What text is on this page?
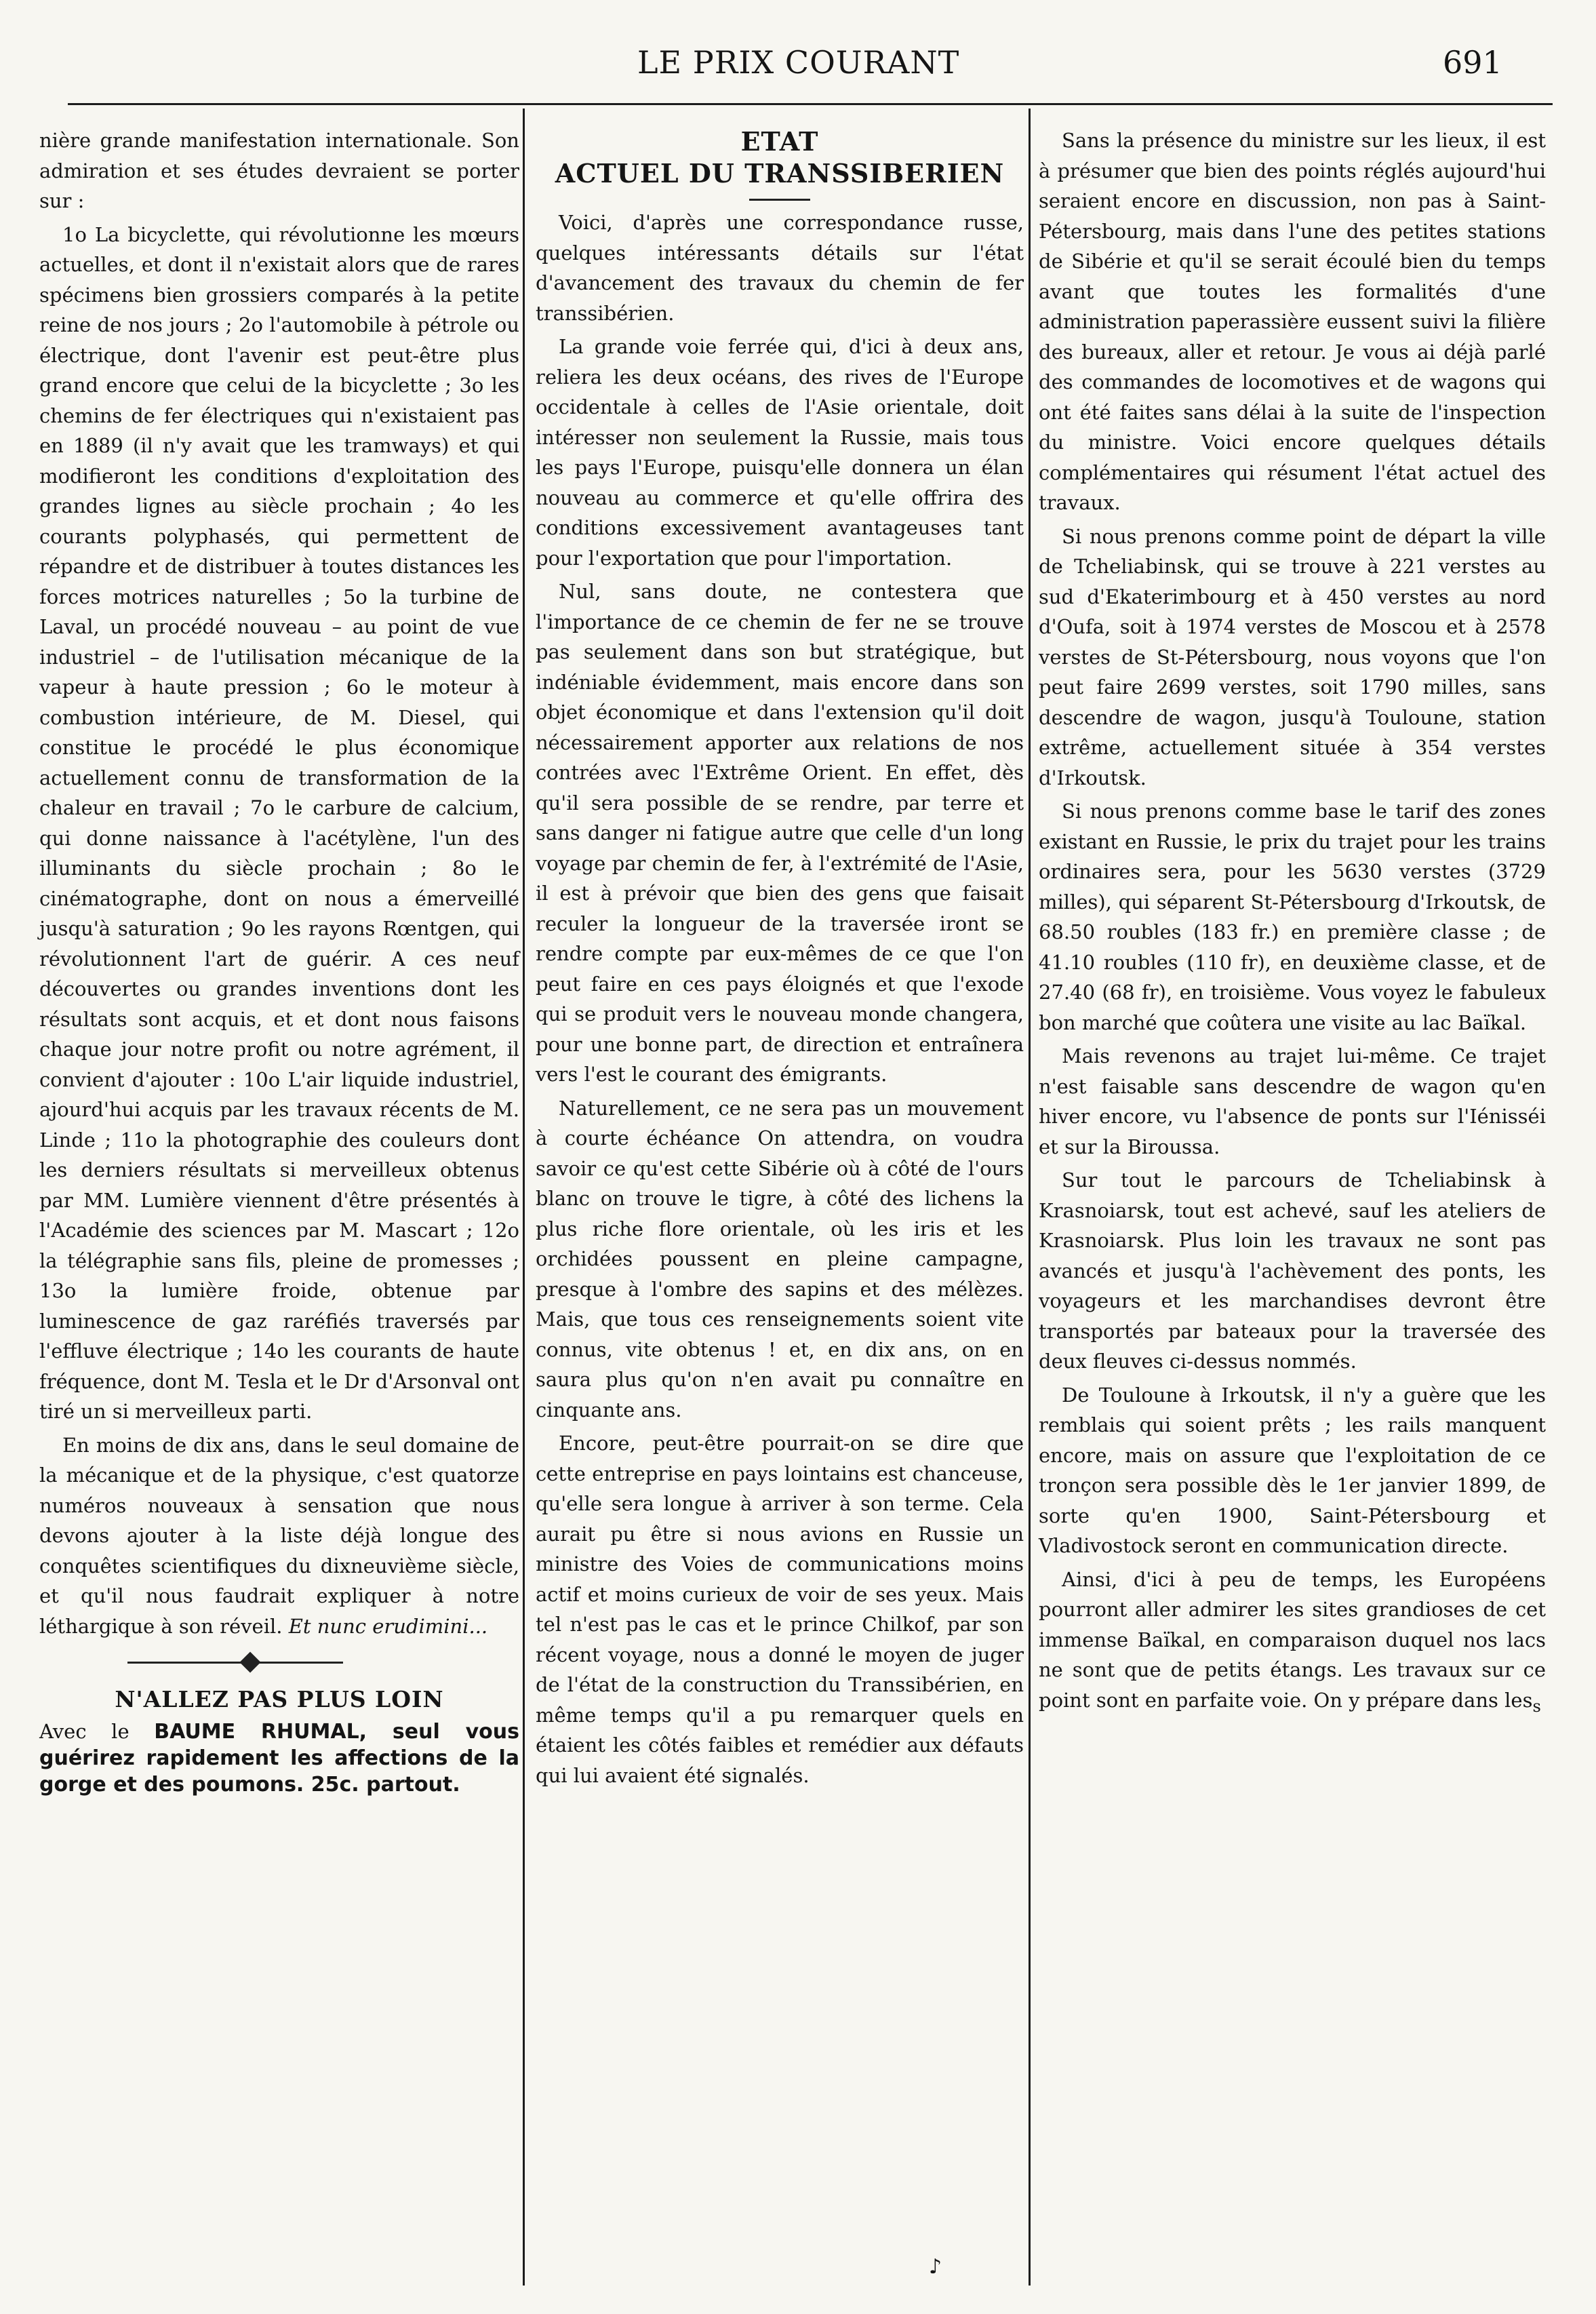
LE PRIX COURANT	691

nière grande manifestation internationale. Son admiration et ses études devraient se porter sur :

1o La bicyclette, qui révolutionne les mœurs actuelles, et dont il n'existait alors que de rares spécimens bien grossiers comparés à la petite reine de nos jours ; 2o l'automobile à pétrole ou électrique, dont l'avenir est peut-être plus grand encore que celui de la bicyclette ; 3o les chemins de fer électriques qui n'existaient pas en 1889 (il n'y avait que les tramways) et qui modifieront les conditions d'exploitation des grandes lignes au siècle prochain ; 4o les courants polyphasés, qui permettent de répandre et de distribuer à toutes distances les forces motrices naturelles ; 5o la turbine de Laval, un procédé nouveau – au point de vue industriel – de l'utilisation mécanique de la vapeur à haute pression ; 6o le moteur à combustion intérieure, de M. Diesel, qui constitue le procédé le plus économique actuellement connu de transformation de la chaleur en travail ; 7o le carbure de calcium, qui donne naissance à l'acétylène, l'un des illuminants du siècle prochain ; 8o le cinématographe, dont on nous a émerveillé jusqu'à saturation ; 9o les rayons Rœntgen, qui révolutionnent l'art de guérir. A ces neuf découvertes ou grandes inventions dont les résultats sont acquis, et et dont nous faisons chaque jour notre profit ou notre agrément, il convient d'ajouter : 10o L'air liquide industriel, ajourd'hui acquis par les travaux récents de M. Linde ; 11o la photographie des couleurs dont les derniers résultats si merveilleux obtenus par MM. Lumière viennent d'être présentés à l'Académie des sciences par M. Mascart ; 12o la télégraphie sans fils, pleine de promesses ; 13o la lumière froide, obtenue par luminescence de gaz raréfiés traversés par l'effluve électrique ; 14o les courants de haute fréquence, dont M. Tesla et le Dr d'Arsonval ont tiré un si merveilleux parti.

En moins de dix ans, dans le seul domaine de la mécanique et de la physique, c'est quatorze numéros nouveaux à sensation que nous devons ajouter à la liste déjà longue des conquêtes scientifiques du dixneuvième siècle, et qu'il nous faudrait expliquer à notre léthargique à son réveil. Et nunc erudimini...

N'ALLEZ PAS PLUS LOIN
Avec le BAUME RHUMAL, seul vous guérirez rapidement les affections de la gorge et des poumons. 25c. partout.
ETAT
ACTUEL DU TRANSSIBERIEN

Voici, d'après une correspondance russe, quelques intéressants détails sur l'état d'avancement des travaux du chemin de fer transsibérien.

La grande voie ferrée qui, d'ici à deux ans, reliera les deux océans, des rives de l'Europe occidentale à celles de l'Asie orientale, doit intéresser non seulement la Russie, mais tous les pays l'Europe, puisqu'elle donnera un élan nouveau au commerce et qu'elle offrira des conditions excessivement avantageuses tant pour l'exportation que pour l'importation.

Nul, sans doute, ne contestera que l'importance de ce chemin de fer ne se trouve pas seulement dans son but stratégique, but indéniable évidemment, mais encore dans son objet économique et dans l'extension qu'il doit nécessairement apporter aux relations de nos contrées avec l'Extrême Orient. En effet, dès qu'il sera possible de se rendre, par terre et sans danger ni fatigue autre que celle d'un long voyage par chemin de fer, à l'extrémité de l'Asie, il est à prévoir que bien des gens que faisait reculer la longueur de la traversée iront se rendre compte par eux-mêmes de ce que l'on peut faire en ces pays éloignés et que l'exode qui se produit vers le nouveau monde changera, pour une bonne part, de direction et entraînera vers l'est le courant des émigrants.

Naturellement, ce ne sera pas un mouvement à courte échéance On attendra, on voudra savoir ce qu'est cette Sibérie où à côté de l'ours blanc on trouve le tigre, à côté des lichens la plus riche flore orientale, où les iris et les orchidées poussent en pleine campagne, presque à l'ombre des sapins et des mélèzes. Mais, que tous ces renseignements soient vite connus, vite obtenus ! et, en dix ans, on en saura plus qu'on n'en avait pu connaître en cinquante ans.

Encore, peut-être pourrait-on se dire que cette entreprise en pays lointains est chanceuse, qu'elle sera longue à arriver à son terme. Cela aurait pu être si nous avions en Russie un ministre des Voies de communications moins actif et moins curieux de voir de ses yeux. Mais tel n'est pas le cas et le prince Chilkof, par son récent voyage, nous a donné le moyen de juger de l'état de la construction du Transsibérien, en même temps qu'il a pu remarquer quels en étaient les côtés faibles et remédier aux défauts qui lui avaient été signalés.

Sans la présence du ministre sur les lieux, il est à présumer que bien des points réglés aujourd'hui seraient encore en discussion, non pas à Saint-Pétersbourg, mais dans l'une des petites stations de Sibérie et qu'il se serait écoulé bien du temps avant que toutes les formalités d'une administration paperassière eussent suivi la filière des bureaux, aller et retour. Je vous ai déjà parlé des commandes de locomotives et de wagons qui ont été faites sans délai à la suite de l'inspection du ministre. Voici encore quelques détails complémentaires qui résument l'état actuel des travaux.

Si nous prenons comme point de départ la ville de Tcheliabinsk, qui se trouve à 221 verstes au sud d'Ekaterimbourg et à 450 verstes au nord d'Oufa, soit à 1974 verstes de Moscou et à 2578 verstes de St-Pétersbourg, nous voyons que l'on peut faire 2699 verstes, soit 1790 milles, sans descendre de wagon, jusqu'à Touloune, station extrême, actuellement située à 354 verstes d'Irkoutsk.

Si nous prenons comme base le tarif des zones existant en Russie, le prix du trajet pour les trains ordinaires sera, pour les 5630 verstes (3729 milles), qui séparent St-Pétersbourg d'Irkoutsk, de 68.50 roubles (183 fr.) en première classe ; de 41.10 roubles (110 fr), en deuxième classe, et de 27.40 (68 fr), en troisième. Vous voyez le fabuleux bon marché que coûtera une visite au lac Baïkal.

Mais revenons au trajet lui-même. Ce trajet n'est faisable sans descendre de wagon qu'en hiver encore, vu l'absence de ponts sur l'Iénisséi et sur la Biroussa.

Sur tout le parcours de Tcheliabinsk à Krasnoiarsk, tout est achevé, sauf les ateliers de Krasnoiarsk. Plus loin les travaux ne sont pas avancés et jusqu'à l'achèvement des ponts, les voyageurs et les marchandises devront être transportés par bateaux pour la traversée des deux fleuves ci-dessus nommés.

De Touloune à Irkoutsk, il n'y a guère que les remblais qui soient prêts ; les rails manquent encore, mais on assure que l'exploitation de ce tronçon sera possible dès le 1er janvier 1899, de sorte qu'en 1900, Saint-Pétersbourg et Vladivostock seront en communication directe.

Ainsi, d'ici à peu de temps, les Européens pourront aller admirer les sites grandioses de cet immense Baïkal, en comparaison duquel nos lacs ne sont que de petits étangs. Les travaux sur ce point sont en parfaite voie. On y prépare dans les$_s$

♪
